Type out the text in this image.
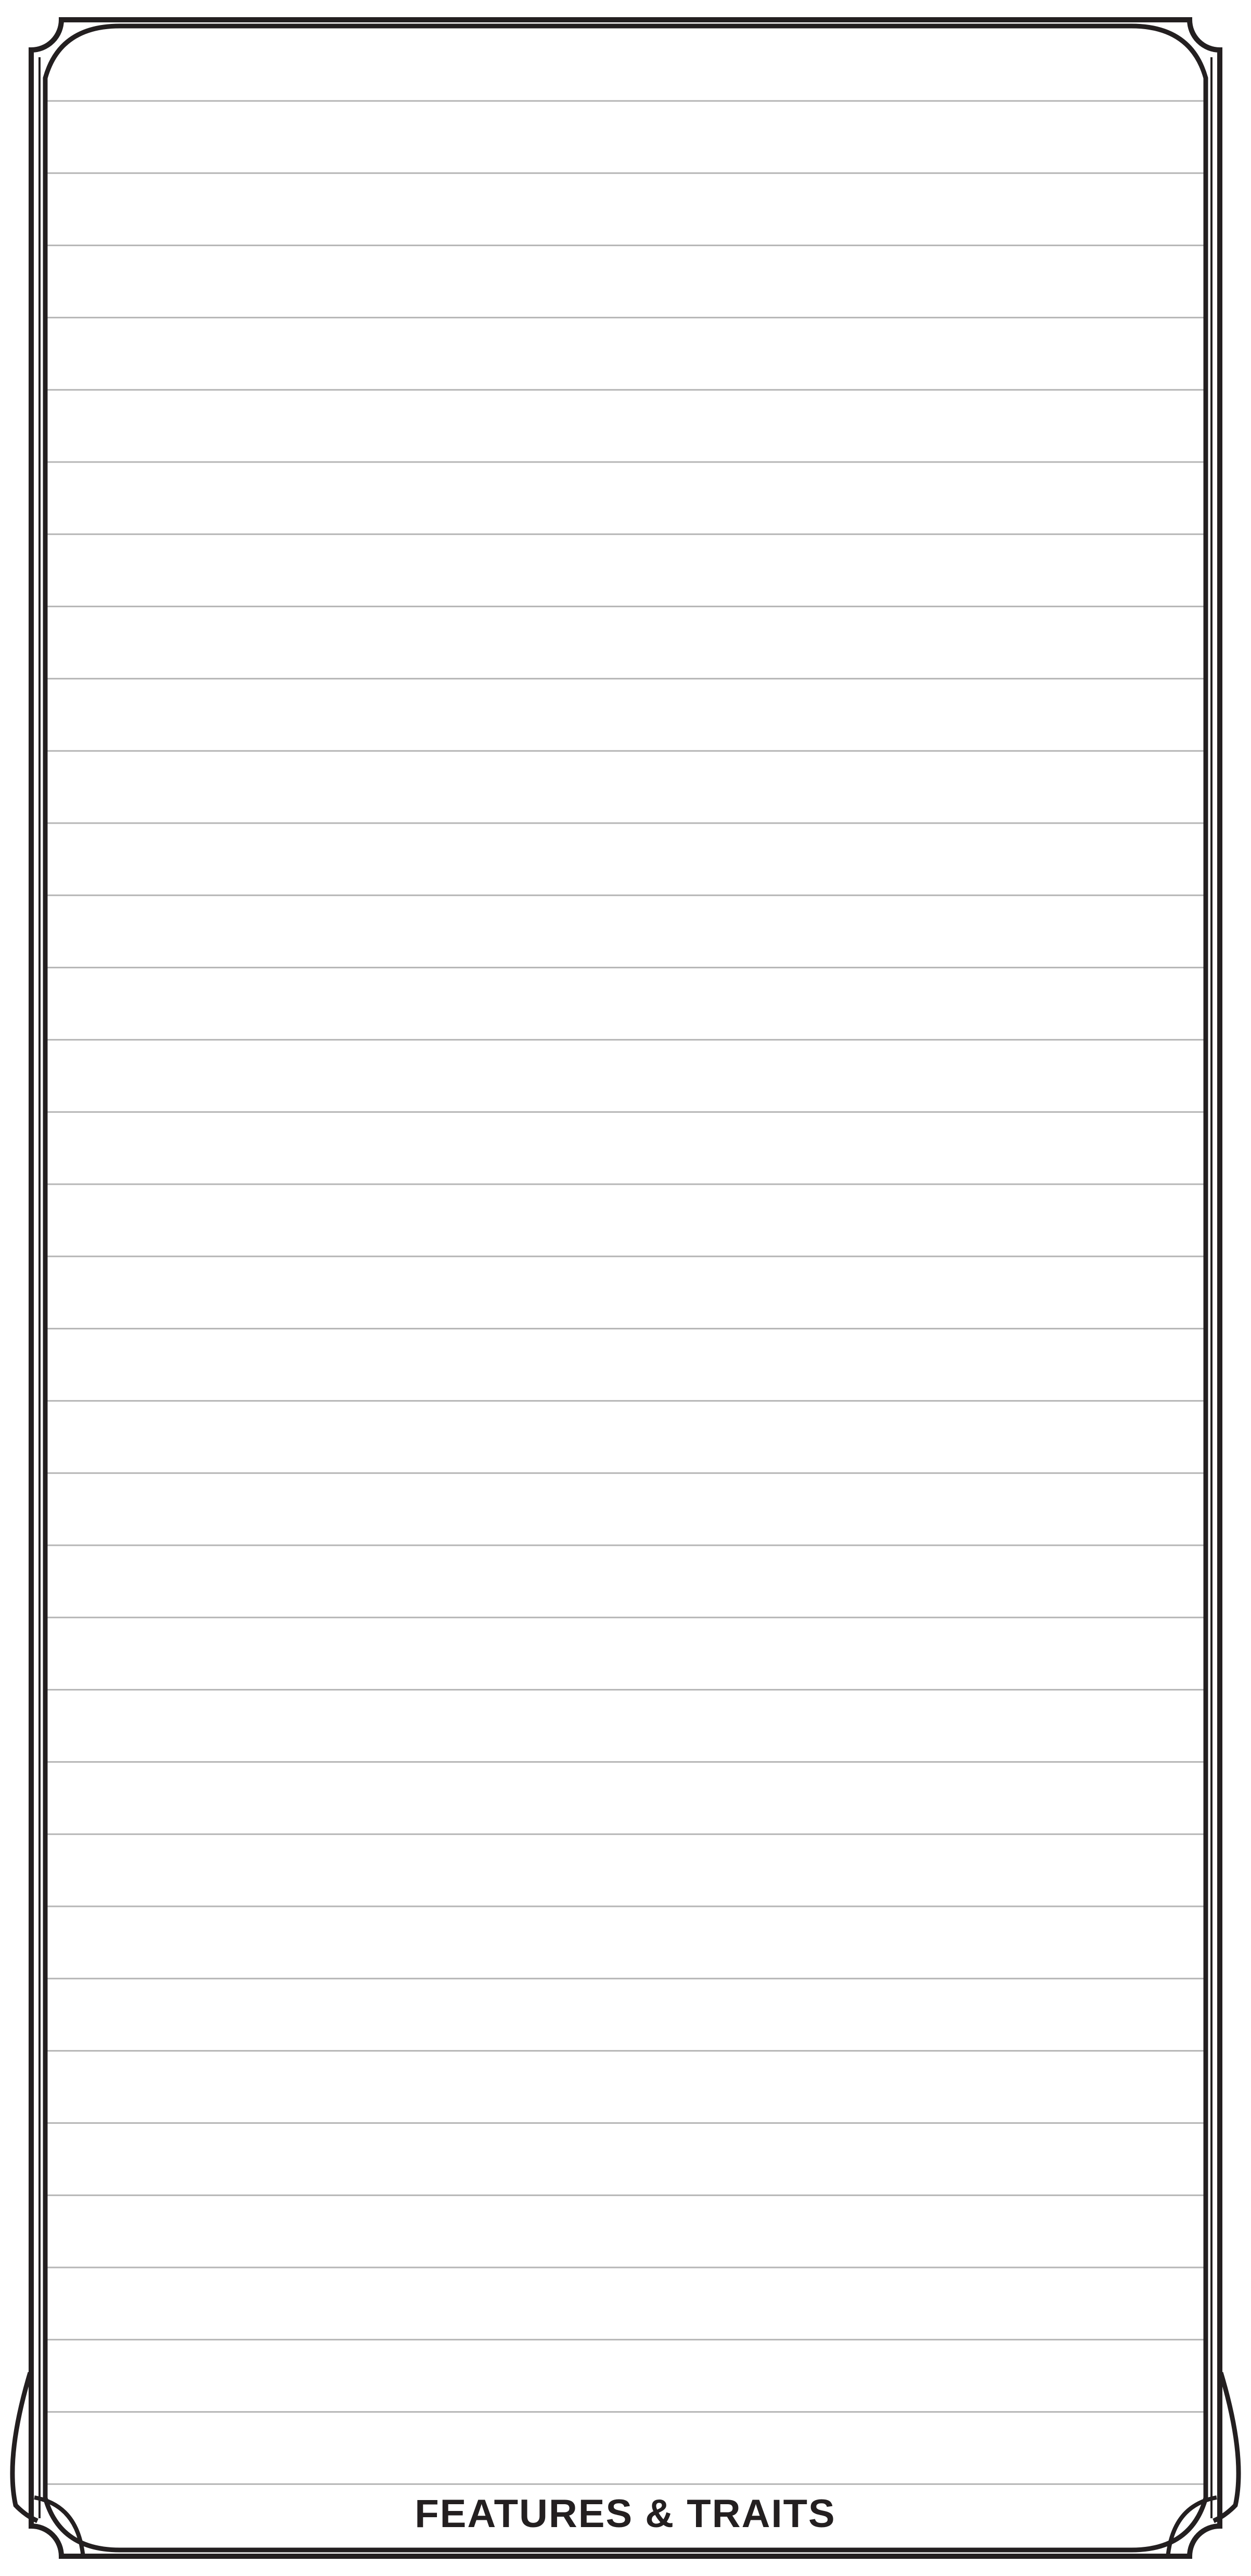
FEATURES & TRAITS
